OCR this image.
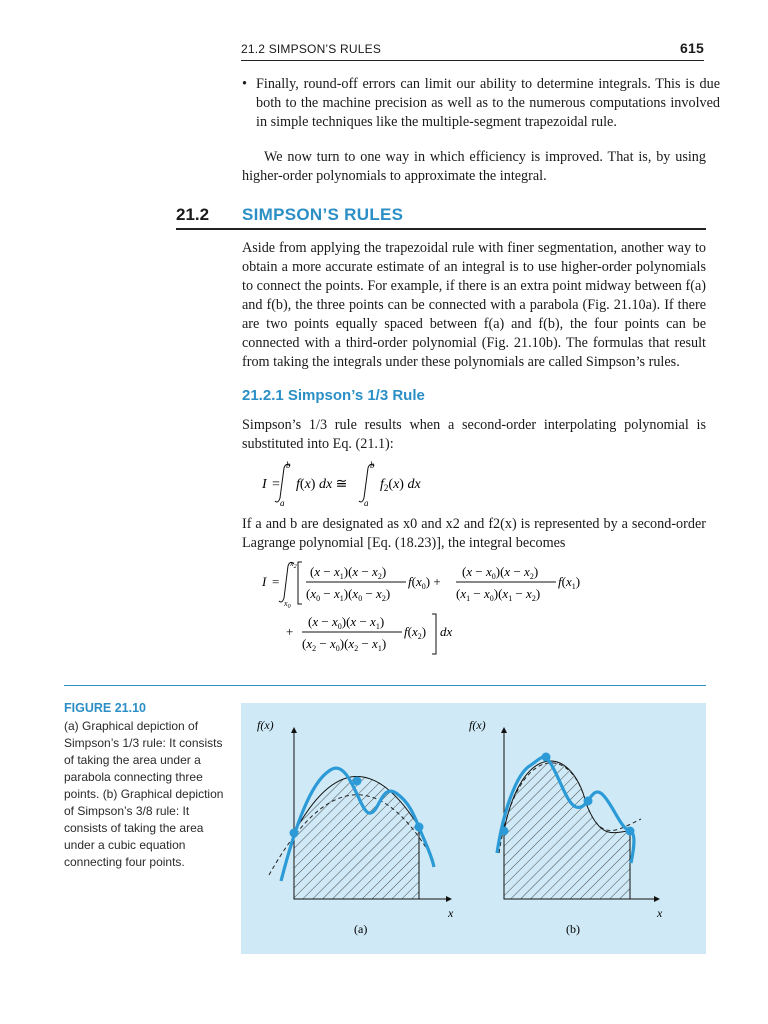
21.2 SIMPSON’S RULES	615
• Finally, round-off errors can limit our ability to determine integrals. This is due both to the machine precision as well as to the numerous computations involved in simple techniques like the multiple-segment trapezoidal rule.
We now turn to one way in which efficiency is improved. That is, by using higher-order polynomials to approximate the integral.
21.2 SIMPSON’S RULES
Aside from applying the trapezoidal rule with finer segmentation, another way to obtain a more accurate estimate of an integral is to use higher-order polynomials to connect the points. For example, if there is an extra point midway between f(a) and f(b), the three points can be connected with a parabola (Fig. 21.10a). If there are two points equally spaced between f(a) and f(b), the four points can be connected with a third-order polynomial (Fig. 21.10b). The formulas that result from taking the integrals under these polynomials are called Simpson’s rules.
21.2.1 Simpson’s 1/3 Rule
Simpson’s 1/3 rule results when a second-order interpolating polynomial is substituted into Eq. (21.1):
I =
b
a
f(x) dx ≅
b
a
$f_2(x)$ dx
If a and b are designated as x0 and x2 and f2(x) is represented by a second-order Lagrange polynomial [Eq. (18.23)], the integral becomes
I =
$x_2$
$x_0$
$(x - x_1)(x - x_2)$
$(x_0 - x_1)(x_0 - x_2)$
$f(x_0)$ +
$(x - x_0)(x - x_2)$
$(x_1 - x_0)(x_1 - x_2)$
$f(x_1)$
+
$(x - x_0)(x - x_1)$
$(x_2 - x_0)(x_2 - x_1)$
$f(x_2)$ dx
FIGURE 21.10
(a) Graphical depiction of Simpson’s 1/3 rule: It consists of taking the area under a parabola connecting three points. (b) Graphical depiction of Simpson’s 3/8 rule: It consists of taking the area under a cubic equation connecting four points.
f(x)
x
(a)
f(x)
x
(b)
